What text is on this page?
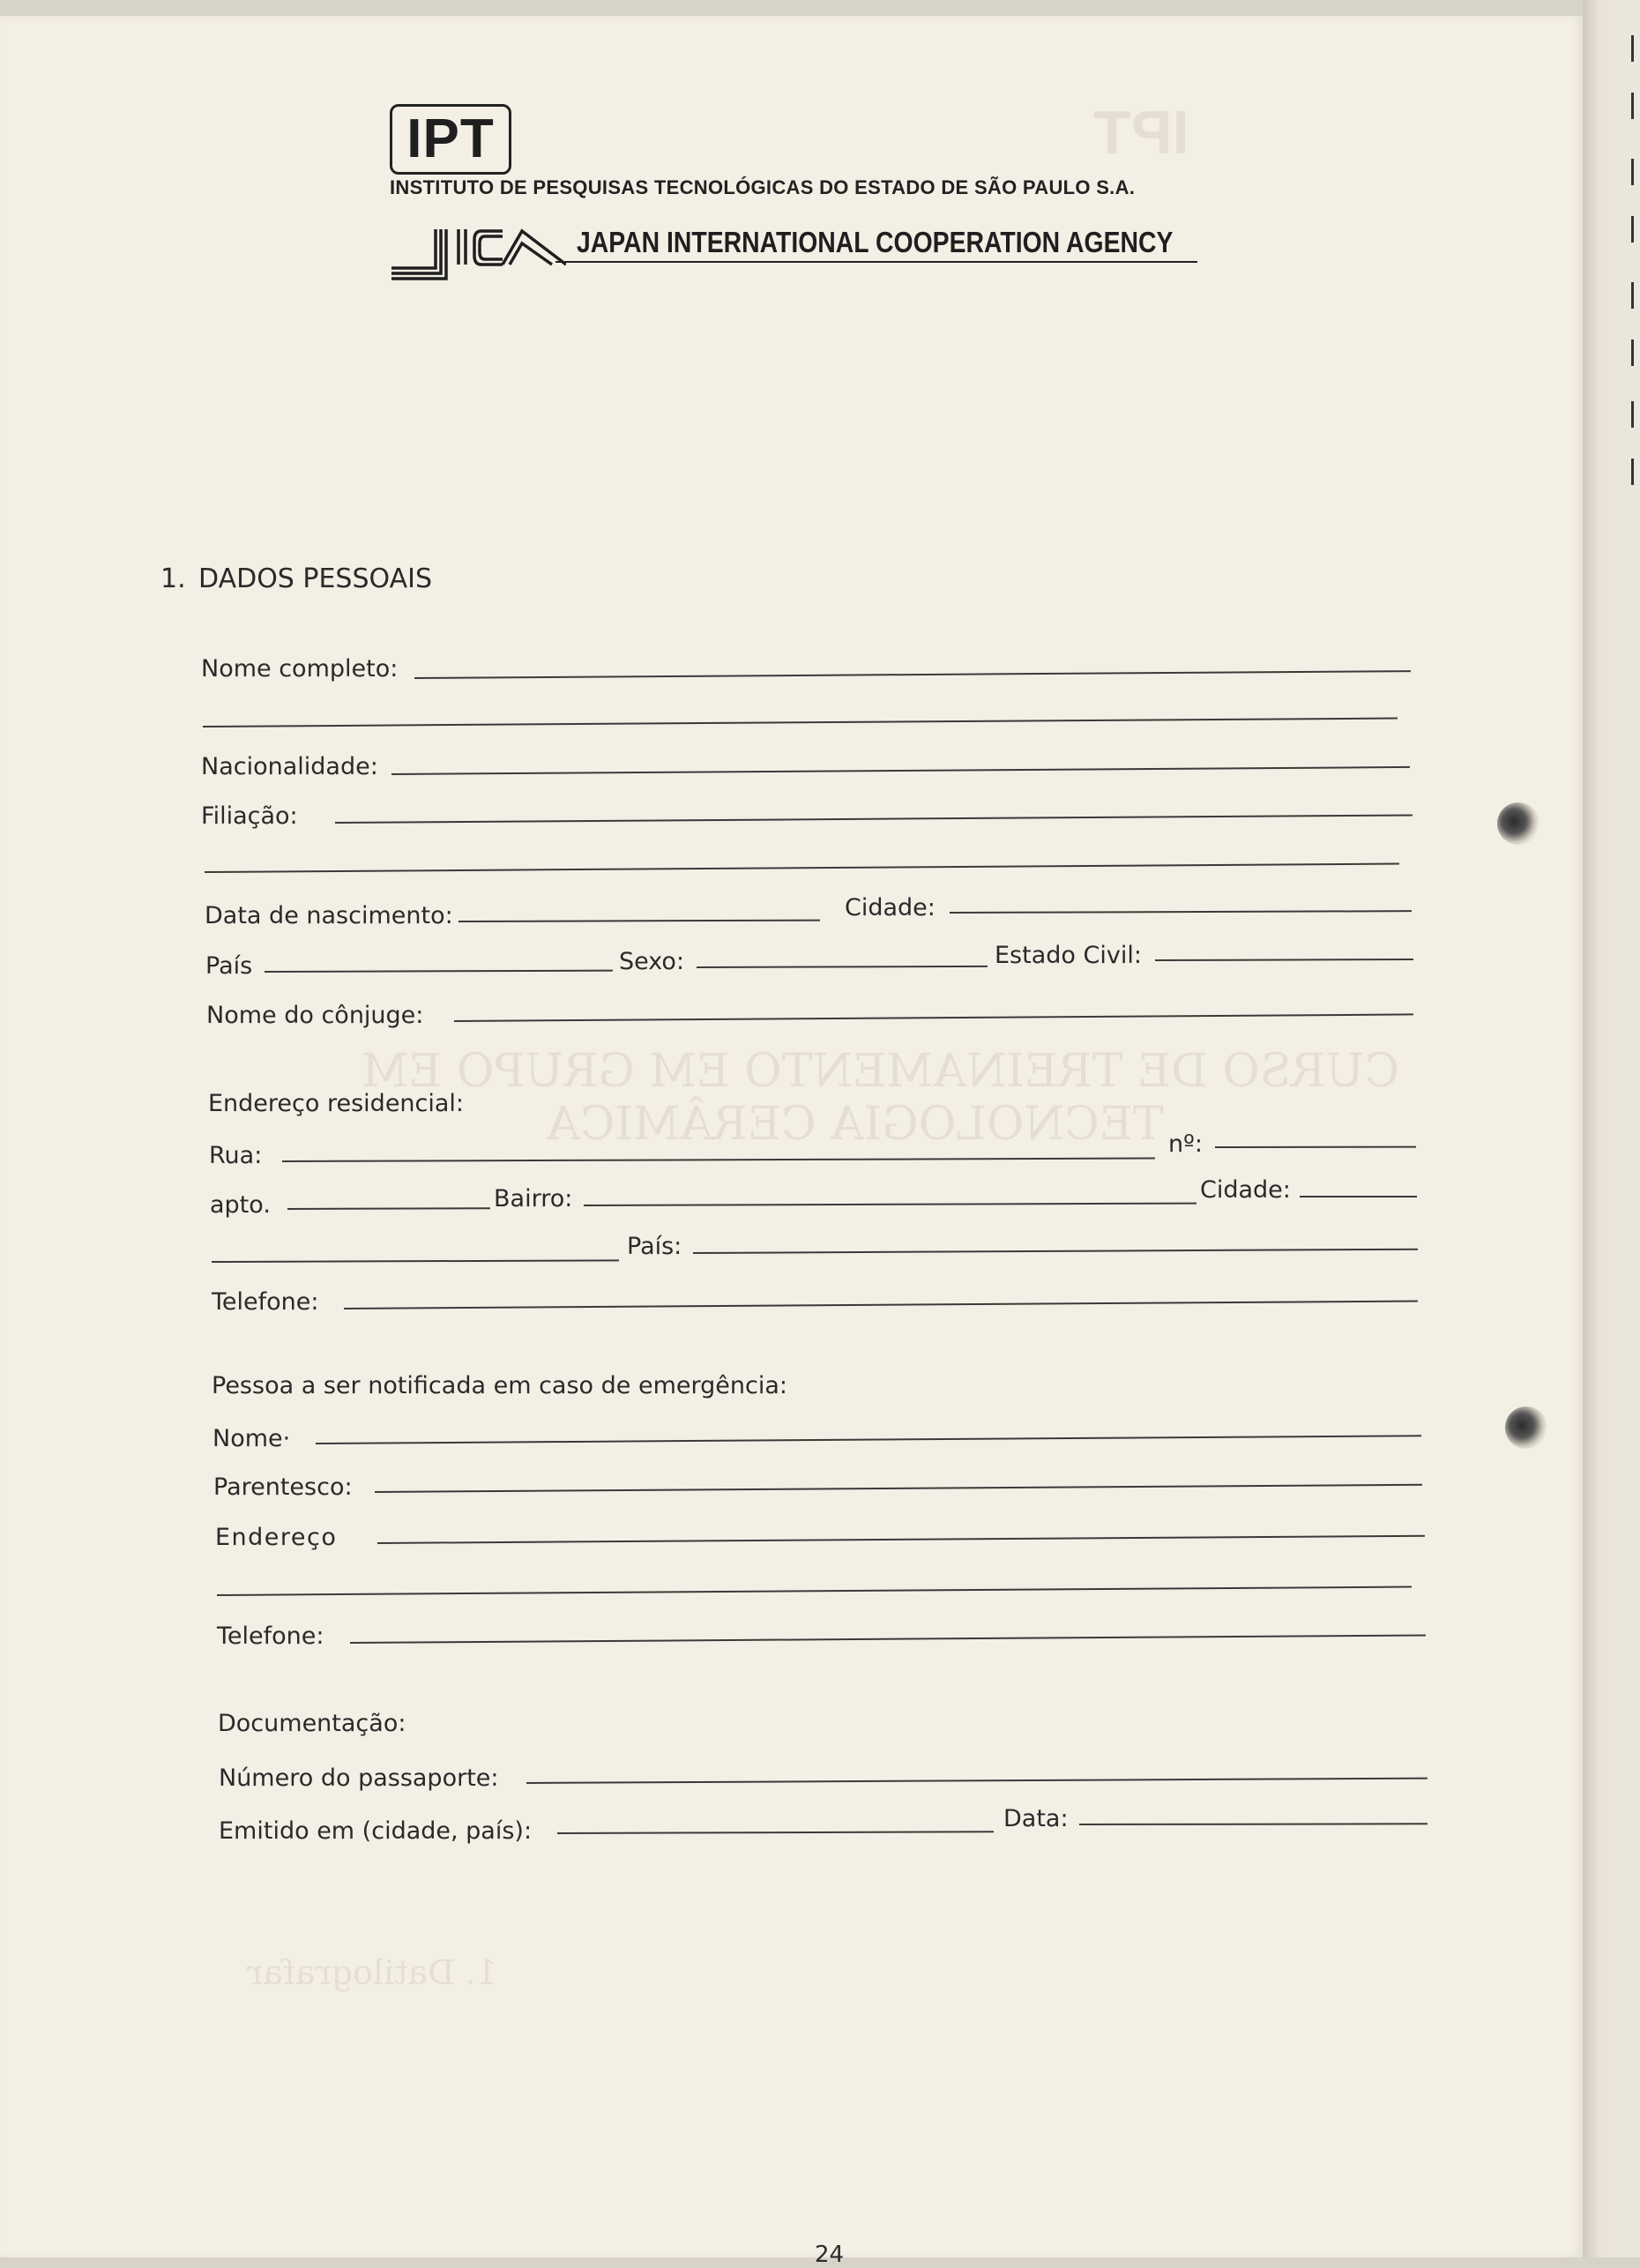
IPT
INSTITUTO DE PESQUISAS TECNOLÓGICAS DO ESTADO DE SÃO PAULO S.A.
JAPAN INTERNATIONAL COOPERATION AGENCY
1. DADOS PESSOAIS
Nome completo:
Nacionalidade:
Filiação:
Data de nascimento:	Cidade:
País	Sexo:	Estado Civil:
Nome do cônjuge:
Endereço residencial:
Rua:	nº:
apto.	Bairro:	Cidade:
País:
Telefone:
Pessoa a ser notificada em caso de emergência:
Nome·
Parentesco:
Endereço
Telefone:
Documentação:
Número do passaporte:
Emitido em (cidade, país):	Data:
24
